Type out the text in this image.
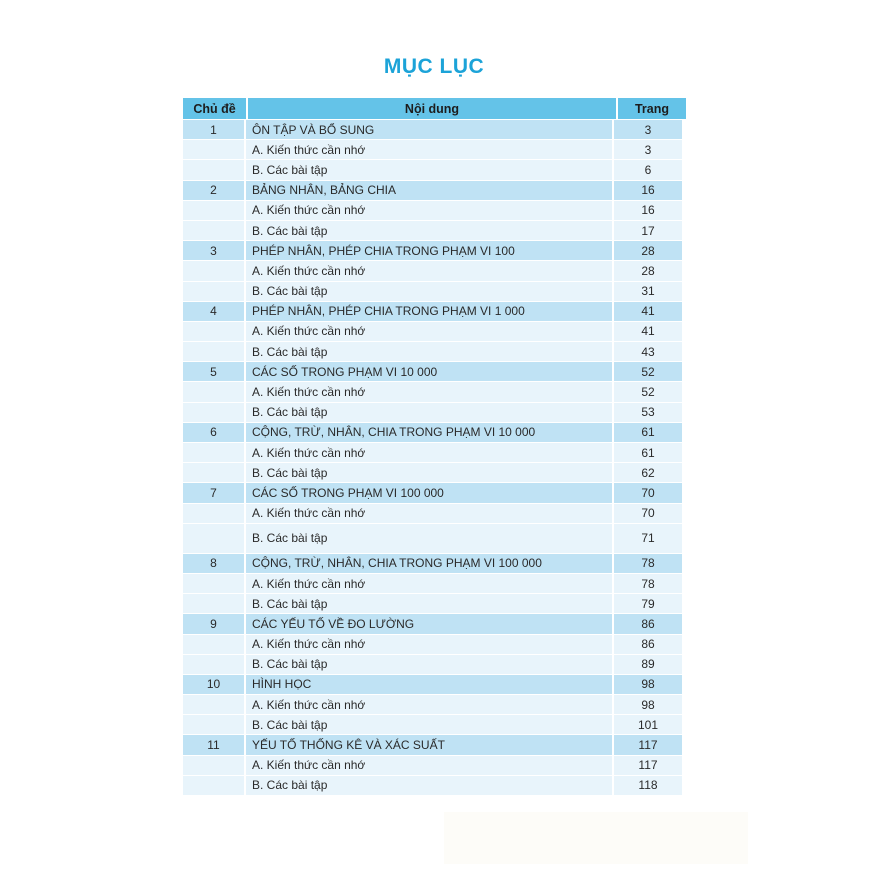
MỤC LỤC
Chủ đề	Nội dung	Trang
1	ÔN TẬP VÀ BỔ SUNG	3
A. Kiến thức cần nhớ	3
B. Các bài tập	6
2	BẢNG NHÂN, BẢNG CHIA	16
A. Kiến thức cần nhớ	16
B. Các bài tập	17
3	PHÉP NHÂN, PHÉP CHIA TRONG PHẠM VI 100	28
A. Kiến thức cần nhớ	28
B. Các bài tập	31
4	PHÉP NHÂN, PHÉP CHIA TRONG PHẠM VI 1 000	41
A. Kiến thức cần nhớ	41
B. Các bài tập	43
5	CÁC SỐ TRONG PHẠM VI 10 000	52
A. Kiến thức cần nhớ	52
B. Các bài tập	53
6	CỘNG, TRỪ, NHÂN, CHIA TRONG PHẠM VI 10 000	61
A. Kiến thức cần nhớ	61
B. Các bài tập	62
7	CÁC SỐ TRONG PHẠM VI 100 000	70
A. Kiến thức cần nhớ	70
B. Các bài tập	71
8	CỘNG, TRỪ, NHÂN, CHIA TRONG PHẠM VI 100 000	78
A. Kiến thức cần nhớ	78
B. Các bài tập	79
9	CÁC YẾU TỐ VỀ ĐO LƯỜNG	86
A. Kiến thức cần nhớ	86
B. Các bài tập	89
10	HÌNH HỌC	98
A. Kiến thức cần nhớ	98
B. Các bài tập	101
11	YẾU TỐ THỐNG KÊ VÀ XÁC SUẤT	117
A. Kiến thức cần nhớ	117
B. Các bài tập	118
